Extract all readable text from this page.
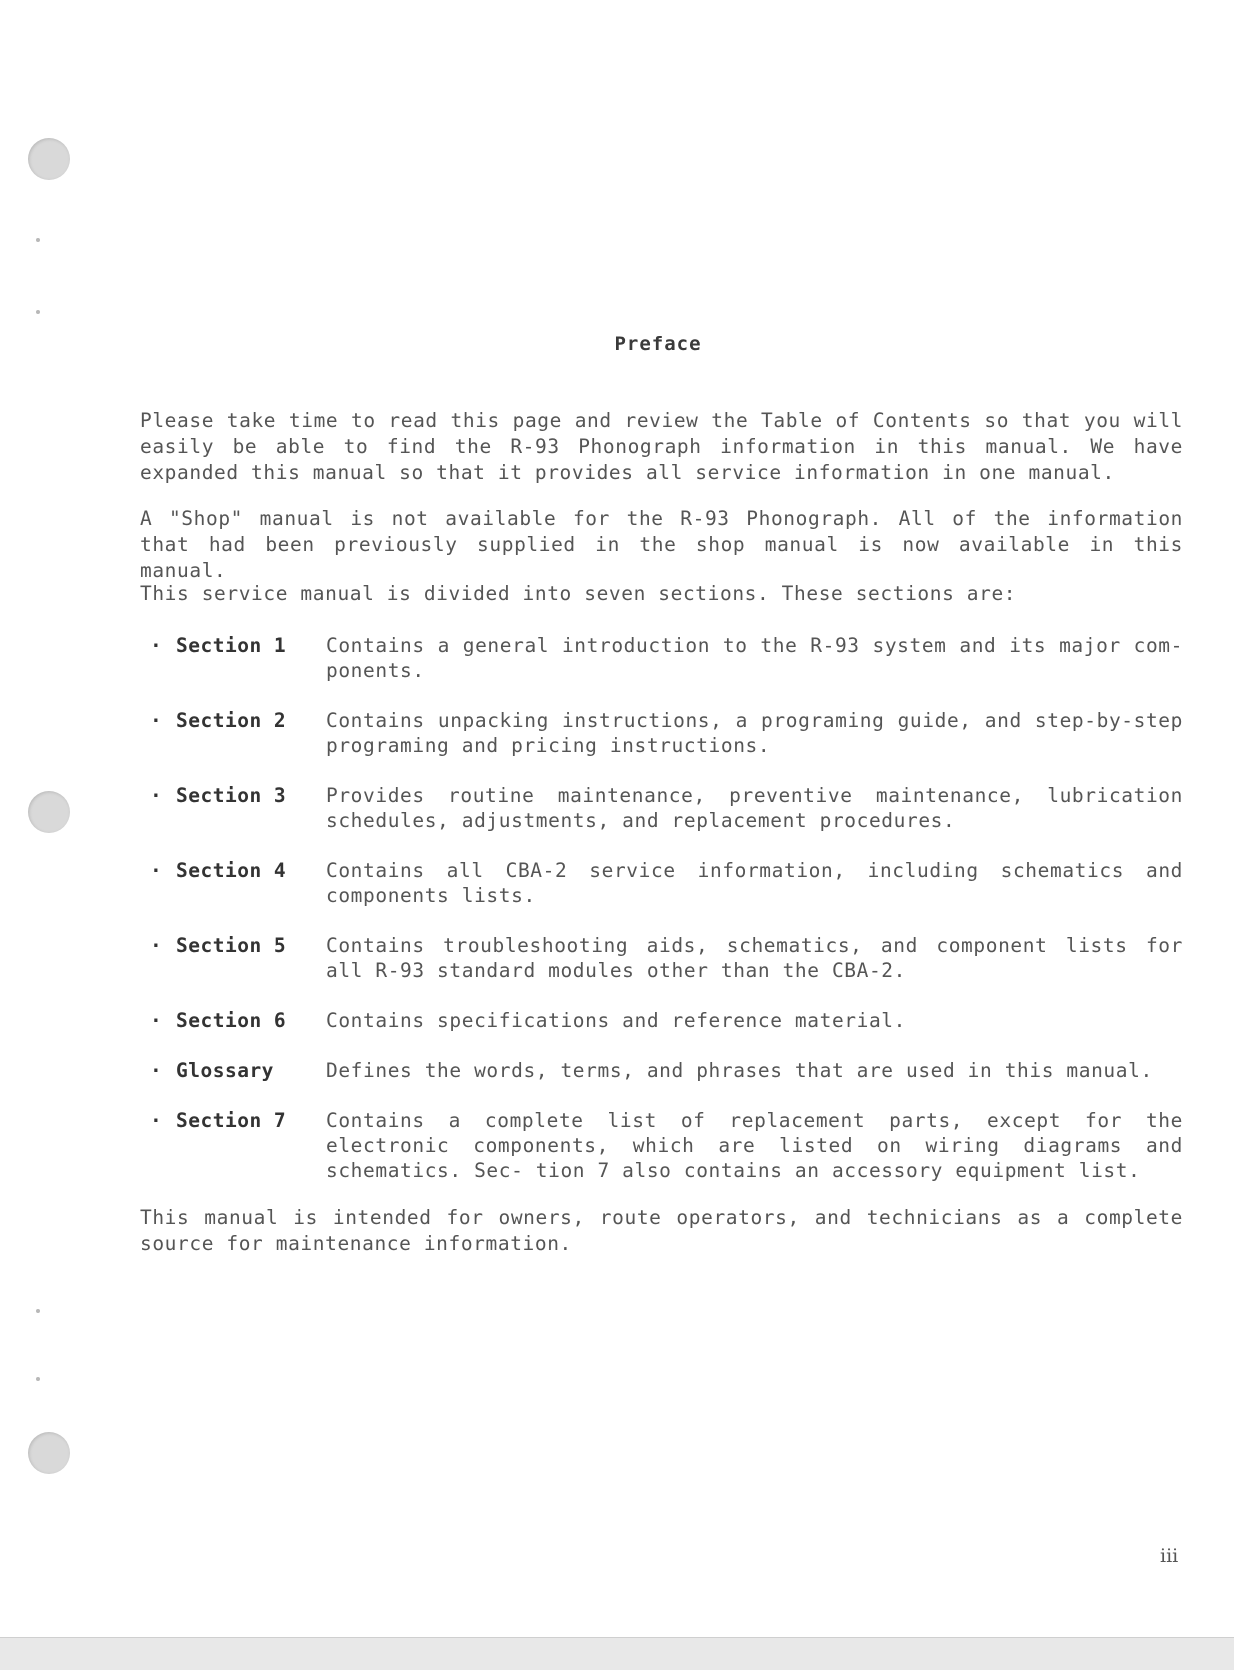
Preface
Please take time to read this page and review the Table of Contents so that you will easily be able to find the R-93 Phonograph information in this manual. We have expanded this manual so that it provides all service information in one manual.
A "Shop" manual is not available for the R-93 Phonograph. All of the information that had been previously supplied in the shop manual is now available in this manual.
This service manual is divided into seven sections. These sections are:
· Section 1	Contains a general introduction to the R-93 system and its major com- ponents.
· Section 2	Contains unpacking instructions, a programing guide, and step-by-step programing and pricing instructions.
· Section 3	Provides routine maintenance, preventive maintenance, lubrication schedules, adjustments, and replacement procedures.
· Section 4	Contains all CBA-2 service information, including schematics and components lists.
· Section 5	Contains troubleshooting aids, schematics, and component lists for all R-93 standard modules other than the CBA-2.
· Section 6	Contains specifications and reference material.
· Glossary	Defines the words, terms, and phrases that are used in this manual.
· Section 7	Contains a complete list of replacement parts, except for the electronic components, which are listed on wiring diagrams and schematics. Sec- tion 7 also contains an accessory equipment list.
This manual is intended for owners, route operators, and technicians as a complete source for maintenance information.
iii
